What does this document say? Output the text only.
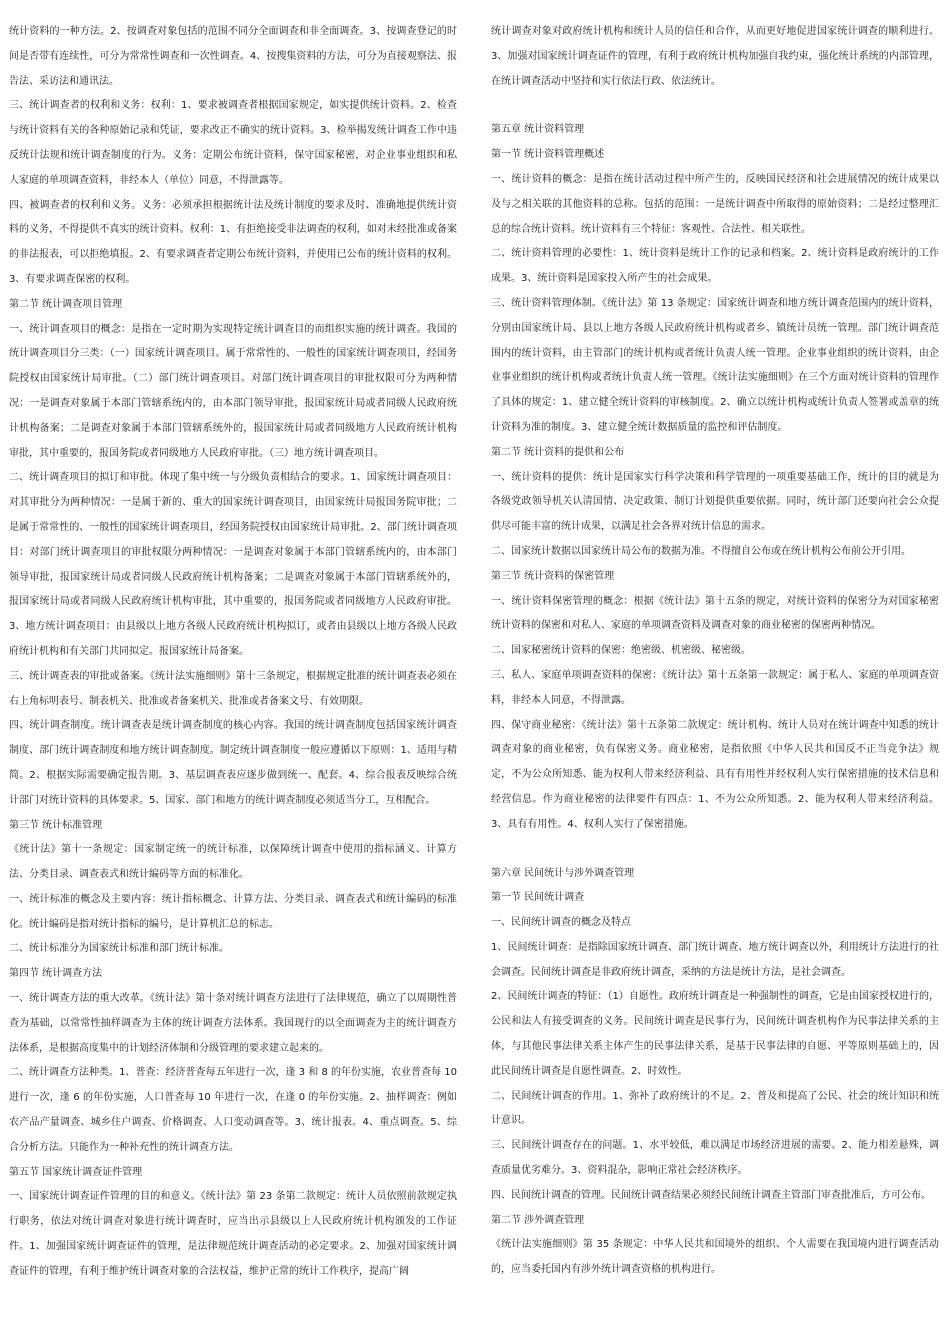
统计资料的一种方法。2、按调查对象包括的范围不同分全面调查和非全面调查。3、按调查登记的时间是否带有连续性，可分为常常性调查和一次性调查。4、按搜集资料的方法，可分为直接观察法、报告法、采访法和通讯法。

三、统计调查者的权利和义务：权利：1、要求被调查者根据国家规定，如实提供统计资料。2、检查与统计资料有关的各种原始记录和凭证，要求改正不确实的统计资料。3、检举揭发统计调查工作中违反统计法规和统计调查制度的行为。义务：定期公布统计资料，保守国家秘密，对企业事业组织和私人家庭的单项调查资料，非经本人（单位）同意，不得泄露等。

四、被调查者的权利和义务。义务：必须承担根据统计法及统计制度的要求及时、准确地提供统计资料的义务，不得提供不真实的统计资料。权利：1、有拒绝接受非法调查的权利，如对未经批准或备案的非法报表，可以拒绝填报。2、有要求调查者定期公布统计资料，并使用已公布的统计资料的权利。3、有要求调查保密的权利。

第二节 统计调查项目管理

一、统计调查项目的概念：是指在一定时期为实现特定统计调查目的而组织实施的统计调查。我国的统计调查项目分三类：（一）国家统计调查项目。属于常常性的、一般性的国家统计调查项目，经国务院授权由国家统计局审批。（二）部门统计调查项目。对部门统计调查项目的审批权限可分为两种情况：一是调查对象属于本部门管辖系统内的，由本部门领导审批，报国家统计局或者同级人民政府统计机构备案；二是调查对象属于本部门管辖系统外的，报国家统计局或者同级地方人民政府统计机构审批，其中重要的，报国务院或者同级地方人民政府审批。（三）地方统计调查项目。

二、统计调查项目的拟订和审批。体现了集中统一与分级负责相结合的要求。1、国家统计调查项目：对其审批分为两种情况：一是属于新的、重大的国家统计调查项目，由国家统计局报国务院审批；二是属于常常性的、一般性的国家统计调查项目，经国务院授权由国家统计局审批。2、部门统计调查项目：对部门统计调查项目的审批权限分两种情况：一是调查对象属于本部门管辖系统内的，由本部门领导审批，报国家统计局或者同级人民政府统计机构备案；二是调查对象属于本部门管辖系统外的，报国家统计局或者同级人民政府统计机构审批，其中重要的，报国务院或者同级地方人民政府审批。3、地方统计调查项目：由县级以上地方各级人民政府统计机构拟订，或者由县级以上地方各级人民政府统计机构和有关部门共同拟定。报国家统计局备案。

三、统计调查表的审批或备案。《统计法实施细则》第十三条规定，根据规定批准的统计调查表必须在右上角标明表号、制表机关、批准或者备案机关、批准或者备案文号、有效期限。

四、统计调查制度。统计调查表是统计调查制度的核心内容。我国的统计调查制度包括国家统计调查制度、部门统计调查制度和地方统计调查制度。制定统计调查制度一般应遵循以下原则：1、适用与精简。2、根据实际需要确定报告期。3、基层调查表应逐步做到统一、配套。4、综合报表反映综合统计部门对统计资料的具体要求。5、国家、部门和地方的统计调查制度必须适当分工，互相配合。

第三节 统计标准管理

《统计法》第十一条规定：国家制定统一的统计标准，以保障统计调查中使用的指标涵义、计算方法、分类目录、调查表式和统计编码等方面的标准化。

一、统计标准的概念及主要内容：统计指标概念、计算方法、分类目录、调查表式和统计编码的标准化。统计编码是指对统计指标的编号，是计算机汇总的标志。

二、统计标准分为国家统计标准和部门统计标准。

第四节 统计调查方法

一、统计调查方法的重大改革。《统计法》第十条对统计调查方法进行了法律规范，确立了以周期性普查为基础，以常常性抽样调查为主体的统计调查方法体系。我国现行的以全面调查为主的统计调查方法体系，是根据高度集中的计划经济体制和分级管理的要求建立起来的。

二、统计调查方法种类。1、普查：经济普查每五年进行一次，逢 3 和 8 的年份实施，农业普查每 10 进行一次，逢 6 的年份实施，人口普查每 10 年进行一次，在逢 0 的年份实施。2、抽样调查：例如农产品产量调查、城乡住户调查、价格调查、人口变动调查等。3、统计报表。4、重点调查。5、综合分析方法。只能作为一种补充性的统计调查方法。

第五节 国家统计调查证件管理

一、国家统计调查证件管理的目的和意义。《统计法》第 23 条第二款规定：统计人员依照前款规定执行职务，依法对统计调查对象进行统计调查时，应当出示县级以上人民政府统计机构颁发的工作证件。1、加强国家统计调查证件的管理，是法律规范统计调查活动的必定要求。2、加强对国家统计调查证件的管理，有利于维护统计调查对象的合法权益，维护正常的统计工作秩序，提高广阔

统计调查对象对政府统计机构和统计人员的信任和合作，从而更好地促进国家统计调查的顺利进行。3、加强对国家统计调查证件的管理，有利于政府统计机构加强自我约束，强化统计系统的内部管理，在统计调查活动中坚持和实行依法行政、依法统计。

第五章 统计资料管理

第一节 统计资料管理概述

一、统计资料的概念：是指在统计活动过程中所产生的，反映国民经济和社会进展情况的统计成果以及与之相关联的其他资料的总称。包括的范围：一是统计调查中所取得的原始资料；二是经过整理汇总的综合统计资料。统计资料有三个特征：客观性、合法性、相关联性。

二、统计资料管理的必要性：1、统计资料是统计工作的记录和档案。2、统计资料是政府统计的工作成果。3、统计资料是国家投入所产生的社会成果。

三、统计资料管理体制。《统计法》第 13 条规定：国家统计调查和地方统计调查范围内的统计资料，分别由国家统计局、县以上地方各级人民政府统计机构或者乡、镇统计员统一管理。部门统计调查范围内的统计资料，由主管部门的统计机构或者统计负责人统一管理。企业事业组织的统计资料，由企业事业组织的统计机构或者统计负责人统一管理。《统计法实施细则》在三个方面对统计资料的管理作了具体的规定：1、建立健全统计资料的审核制度。2、确立以统计机构或统计负责人签署或盖章的统计资料为准的制度。3、建立健全统计数据质量的监控和评估制度。

第二节 统计资料的提供和公布

一、统计资料的提供：统计是国家实行科学决策和科学管理的一项重要基础工作，统计的目的就是为各级党政领导机关认清国情、决定政策、制订计划提供重要依据。同时，统计部门还要向社会公众提供尽可能丰富的统计成果，以满足社会各界对统计信息的需求。

二、国家统计数据以国家统计局公布的数据为准。不得擅自公布或在统计机构公布前公开引用。

第三节 统计资料的保密管理

一、统计资料保密管理的概念：根据《统计法》第十五条的规定，对统计资料的保密分为对国家秘密统计资料的保密和对私人、家庭的单项调查资料及调查对象的商业秘密的保密两种情况。

二、国家秘密统计资料的保密：绝密级、机密级、秘密级。

三、私人、家庭单项调查资料的保密：《统计法》第十五条第一款规定：属于私人、家庭的单项调查资料，非经本人同意，不得泄露。

四、保守商业秘密：《统计法》第十五条第二款规定：统计机构、统计人员对在统计调查中知悉的统计调查对象的商业秘密，负有保密义务。商业秘密，是指依照《中华人民共和国反不正当竞争法》规定，不为公众所知悉、能为权利人带来经济利益、具有有用性并经权利人实行保密措施的技术信息和经营信息。作为商业秘密的法律要件有四点：1、不为公众所知悉。2、能为权利人带来经济利益。3、具有有用性。4、权利人实行了保密措施。

第六章 民间统计与涉外调查管理

第一节 民间统计调查

一、民间统计调查的概念及特点

1、民间统计调查：是指除国家统计调查、部门统计调查、地方统计调查以外，利用统计方法进行的社会调查。民间统计调查是非政府统计调查，采纳的方法是统计方法，是社会调查。

2、民间统计调查的特征：（1）自愿性。政府统计调查是一种强制性的调查，它是由国家授权进行的，公民和法人有接受调查的义务。民间统计调查是民事行为，民间统计调查机构作为民事法律关系的主体，与其他民事法律关系主体产生的民事法律关系，是基于民事法律的自愿、平等原则基础上的，因此民间统计调查是自愿性调查。2、时效性。

二、民间统计调查的作用。1、弥补了政府统计的不足。2、普及和提高了公民、社会的统计知识和统计意识。

三、民间统计调查存在的问题。1、水平较低，难以满足市场经济进展的需要。2、能力相差悬殊，调查质量优劣难分。3、资料混杂，影响正常社会经济秩序。

四、民间统计调查的管理。民间统计调查结果必须经民间统计调查主管部门审查批准后，方可公布。

第二节 涉外调查管理

《统计法实施细则》第 35 条规定：中华人民共和国境外的组织、个人需要在我国境内进行调查活动的，应当委托国内有涉外统计调查资格的机构进行。
